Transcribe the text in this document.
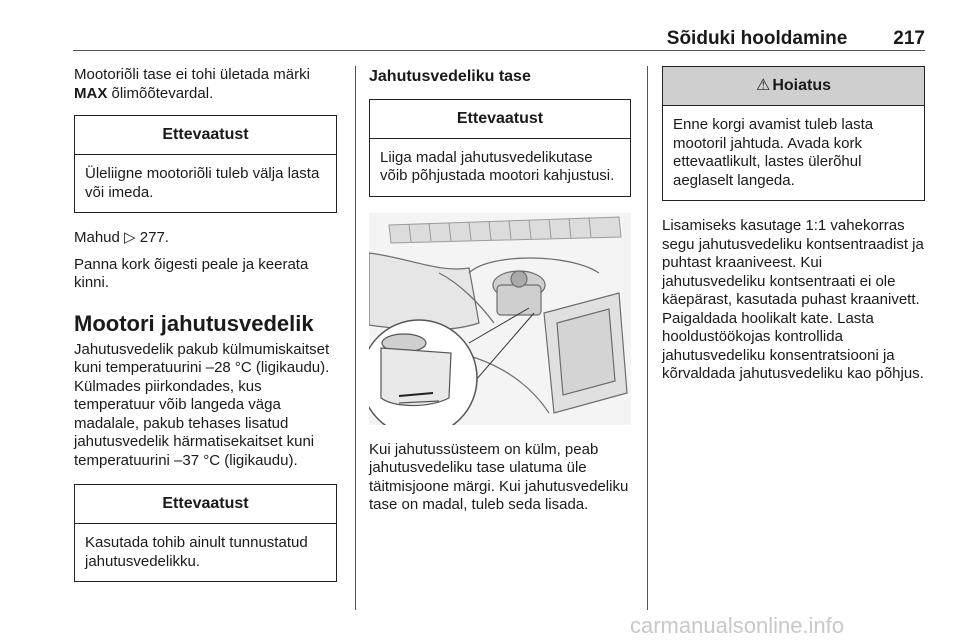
Sõiduki hooldamine 217

Mootoriõli tase ei tohi ületada märki
MAX õlimõõtevardal.

Ettevaatust
Üleliigne mootoriõli tuleb välja lasta või imeda.

Mahud ▷ 277.

Panna kork õigesti peale ja keerata kinni.

Mootori jahutusvedelik

Jahutusvedelik pakub külmumiskaitset kuni temperatuurini –28 °C (ligikaudu). Külmades piirkondades, kus temperatuur võib langeda väga madalale, pakub tehases lisatud jahutusvedelik härmatisekaitset kuni temperatuurini –37 °C (ligikaudu).

Ettevaatust
Kasutada tohib ainult tunnustatud jahutusvedelikku.
Jahutusvedeliku tase
Ettevaatust
Liiga madal jahutusvedelikutase võib põhjustada mootori kahjustusi.

Kui jahutussüsteem on külm, peab jahutusvedeliku tase ulatuma üle täitmisjoone märgi. Kui jahutusvedeliku tase on madal, tuleb seda lisada.

⚠ Hoiatus
Enne korgi avamist tuleb lasta mootoril jahtuda. Avada kork ettevaatlikult, lastes ülerõhul aeglaselt langeda.

Lisamiseks kasutage 1:1 vahekorras segu jahutusvedeliku kontsentraadist ja puhtast kraaniveest. Kui jahutusvedeliku kontsentraati ei ole käepärast, kasutada puhast kraanivett. Paigaldada hoolikalt kate. Lasta hooldustöökojas kontrollida jahutusvedeliku konsentratsiooni ja kõrvaldada jahutusvedeliku kao põhjus.

carmanualsonline.info
